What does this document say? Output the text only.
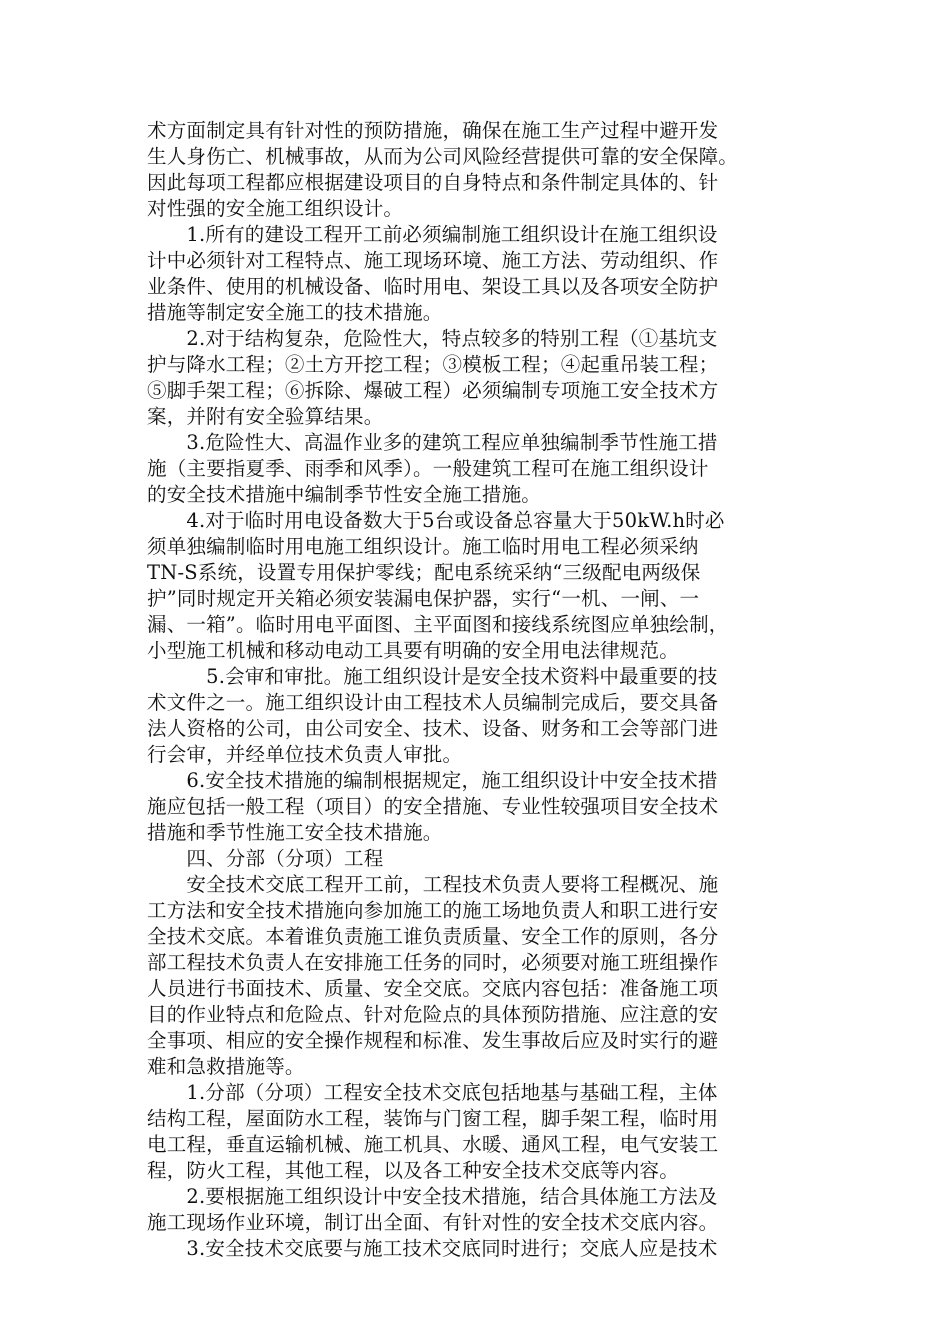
术方面制定具有针对性的预防措施，确保在施工生产过程中避开发
生人身伤亡、机械事故，从而为公司风险经营提供可靠的安全保障。
因此每项工程都应根据建设项目的自身特点和条件制定具体的、针
对性强的安全施工组织设计。
　　1.所有的建设工程开工前必须编制施工组织设计在施工组织设
计中必须针对工程特点、施工现场环境、施工方法、劳动组织、作
业条件、使用的机械设备、临时用电、架设工具以及各项安全防护
措施等制定安全施工的技术措施。
　　2.对于结构复杂，危险性大，特点较多的特别工程（①基坑支
护与降水工程；②土方开挖工程；③模板工程；④起重吊装工程；
⑤脚手架工程；⑥拆除、爆破工程）必须编制专项施工安全技术方
案，并附有安全验算结果。
　　3.危险性大、高温作业多的建筑工程应单独编制季节性施工措
施（主要指夏季、雨季和风季）。一般建筑工程可在施工组织设计
的安全技术措施中编制季节性安全施工措施。
　　4.对于临时用电设备数大于5台或设备总容量大于50kW.h时必
须单独编制临时用电施工组织设计。施工临时用电工程必须采纳
TN-S系统，设置专用保护零线；配电系统采纳“三级配电两级保
护”同时规定开关箱必须安装漏电保护器，实行“一机、一闸、一
漏、一箱”。临时用电平面图、主平面图和接线系统图应单独绘制，
小型施工机械和移动电动工具要有明确的安全用电法律规范。
　　　5.会审和审批。施工组织设计是安全技术资料中最重要的技
术文件之一。施工组织设计由工程技术人员编制完成后，要交具备
法人资格的公司，由公司安全、技术、设备、财务和工会等部门进
行会审，并经单位技术负责人审批。
　　6.安全技术措施的编制根据规定，施工组织设计中安全技术措
施应包括一般工程（项目）的安全措施、专业性较强项目安全技术
措施和季节性施工安全技术措施。
　　四、分部（分项）工程
　　安全技术交底工程开工前，工程技术负责人要将工程概况、施
工方法和安全技术措施向参加施工的施工场地负责人和职工进行安
全技术交底。本着谁负责施工谁负责质量、安全工作的原则，各分
部工程技术负责人在安排施工任务的同时，必须要对施工班组操作
人员进行书面技术、质量、安全交底。交底内容包括：准备施工项
目的作业特点和危险点、针对危险点的具体预防措施、应注意的安
全事项、相应的安全操作规程和标准、发生事故后应及时实行的避
难和急救措施等。
　　1.分部（分项）工程安全技术交底包括地基与基础工程，主体
结构工程，屋面防水工程，装饰与门窗工程，脚手架工程，临时用
电工程，垂直运输机械、施工机具、水暖、通风工程，电气安装工
程，防火工程，其他工程，以及各工种安全技术交底等内容。
　　2.要根据施工组织设计中安全技术措施，结合具体施工方法及
施工现场作业环境，制订出全面、有针对性的安全技术交底内容。
　　3.安全技术交底要与施工技术交底同时进行；交底人应是技术
